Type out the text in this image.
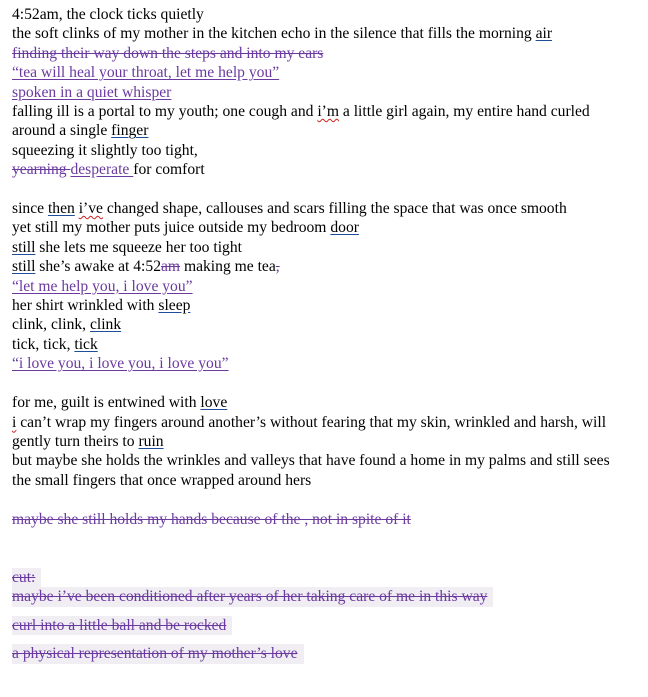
4:52am, the clock ticks quietly
the soft clinks of my mother in the kitchen echo in the silence that fills the morning air
finding their way down the steps and into my ears
“tea will heal your throat, let me help you”
spoken in a quiet whisper
falling ill is a portal to my youth; one cough and i’m a little girl again, my entire hand curled
around a single finger
squeezing it slightly too tight,
yearning desperate for comfort
since then i’ve changed shape, callouses and scars filling the space that was once smooth
yet still my mother puts juice outside my bedroom door
still she lets me squeeze her too tight
still she’s awake at 4:52am making me tea,
“let me help you, i love you”
her shirt wrinkled with sleep
clink, clink, clink
tick, tick, tick
“i love you, i love you, i love you”
for me, guilt is entwined with love
i can’t wrap my fingers around another’s without fearing that my skin, wrinkled and harsh, will
gently turn theirs to ruin
but maybe she holds the wrinkles and valleys that have found a home in my palms and still sees
the small fingers that once wrapped around hers
maybe she still holds my hands because of the , not in spite of it
cut:
maybe i’ve been conditioned after years of her taking care of me in this way
curl into a little ball and be rocked
a physical representation of my mother’s love
